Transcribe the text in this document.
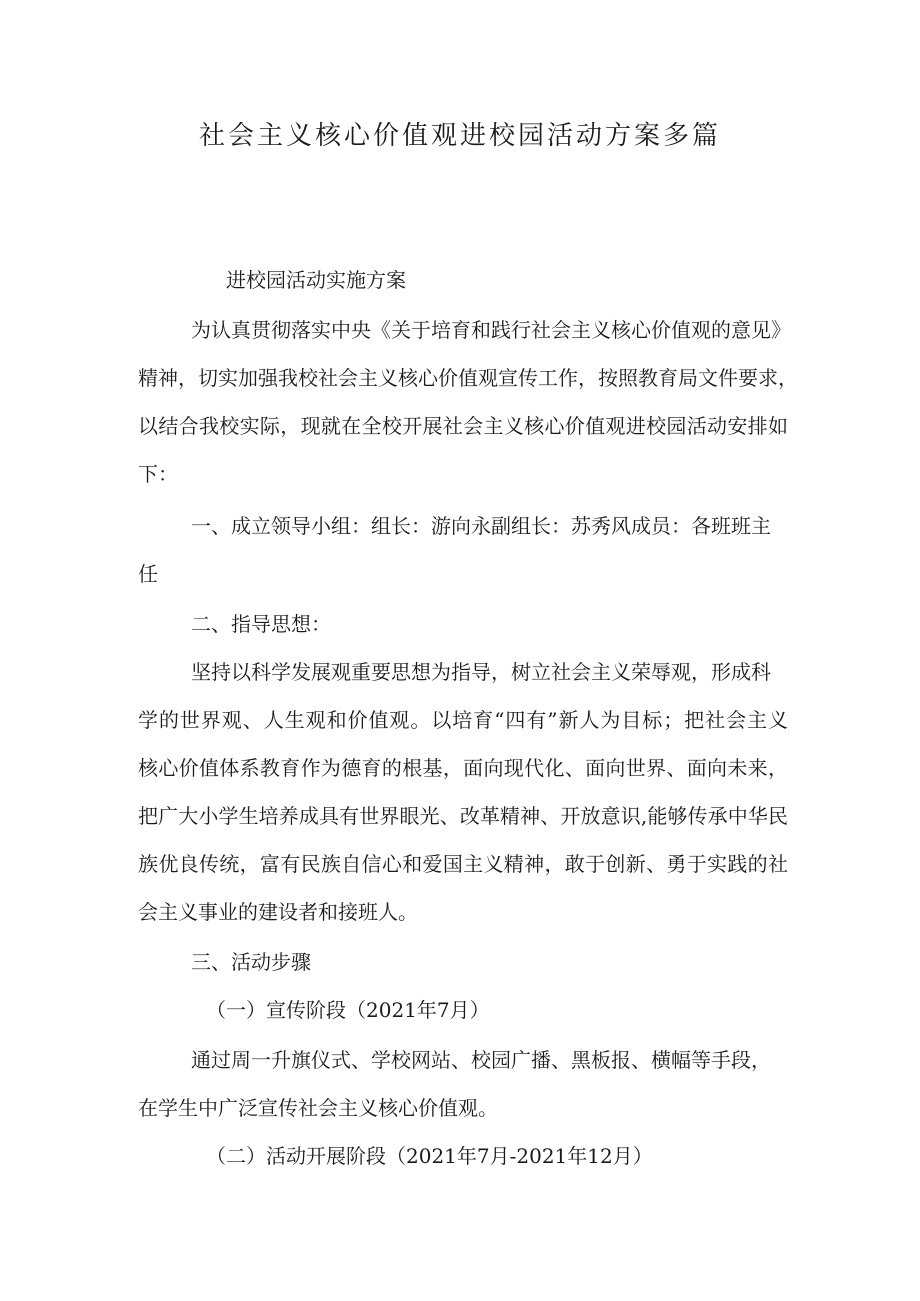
社会主义核心价值观进校园活动方案多篇

进校园活动实施方案

为认真贯彻落实中央《关于培育和践行社会主义核心价值观的意见》

精神，切实加强我校社会主义核心价值观宣传工作，按照教育局文件要求，

以结合我校实际，现就在全校开展社会主义核心价值观进校园活动安排如

下：

一、成立领导小组：组长：游向永副组长：苏秀风成员：各班班主

任

二、指导思想：

坚持以科学发展观重要思想为指导，树立社会主义荣辱观，形成科

学的世界观、人生观和价值观。以培育“四有”新人为目标；把社会主义

核心价值体系教育作为德育的根基，面向现代化、面向世界、面向未来，

把广大小学生培养成具有世界眼光、改革精神、开放意识,能够传承中华民

族优良传统，富有民族自信心和爱国主义精神，敢于创新、勇于实践的社

会主义事业的建设者和接班人。

三、活动步骤

（一）宣传阶段（2021年7月）

通过周一升旗仪式、学校网站、校园广播、黑板报、横幅等手段，

在学生中广泛宣传社会主义核心价值观。

（二）活动开展阶段（2021年7月-2021年12月）
